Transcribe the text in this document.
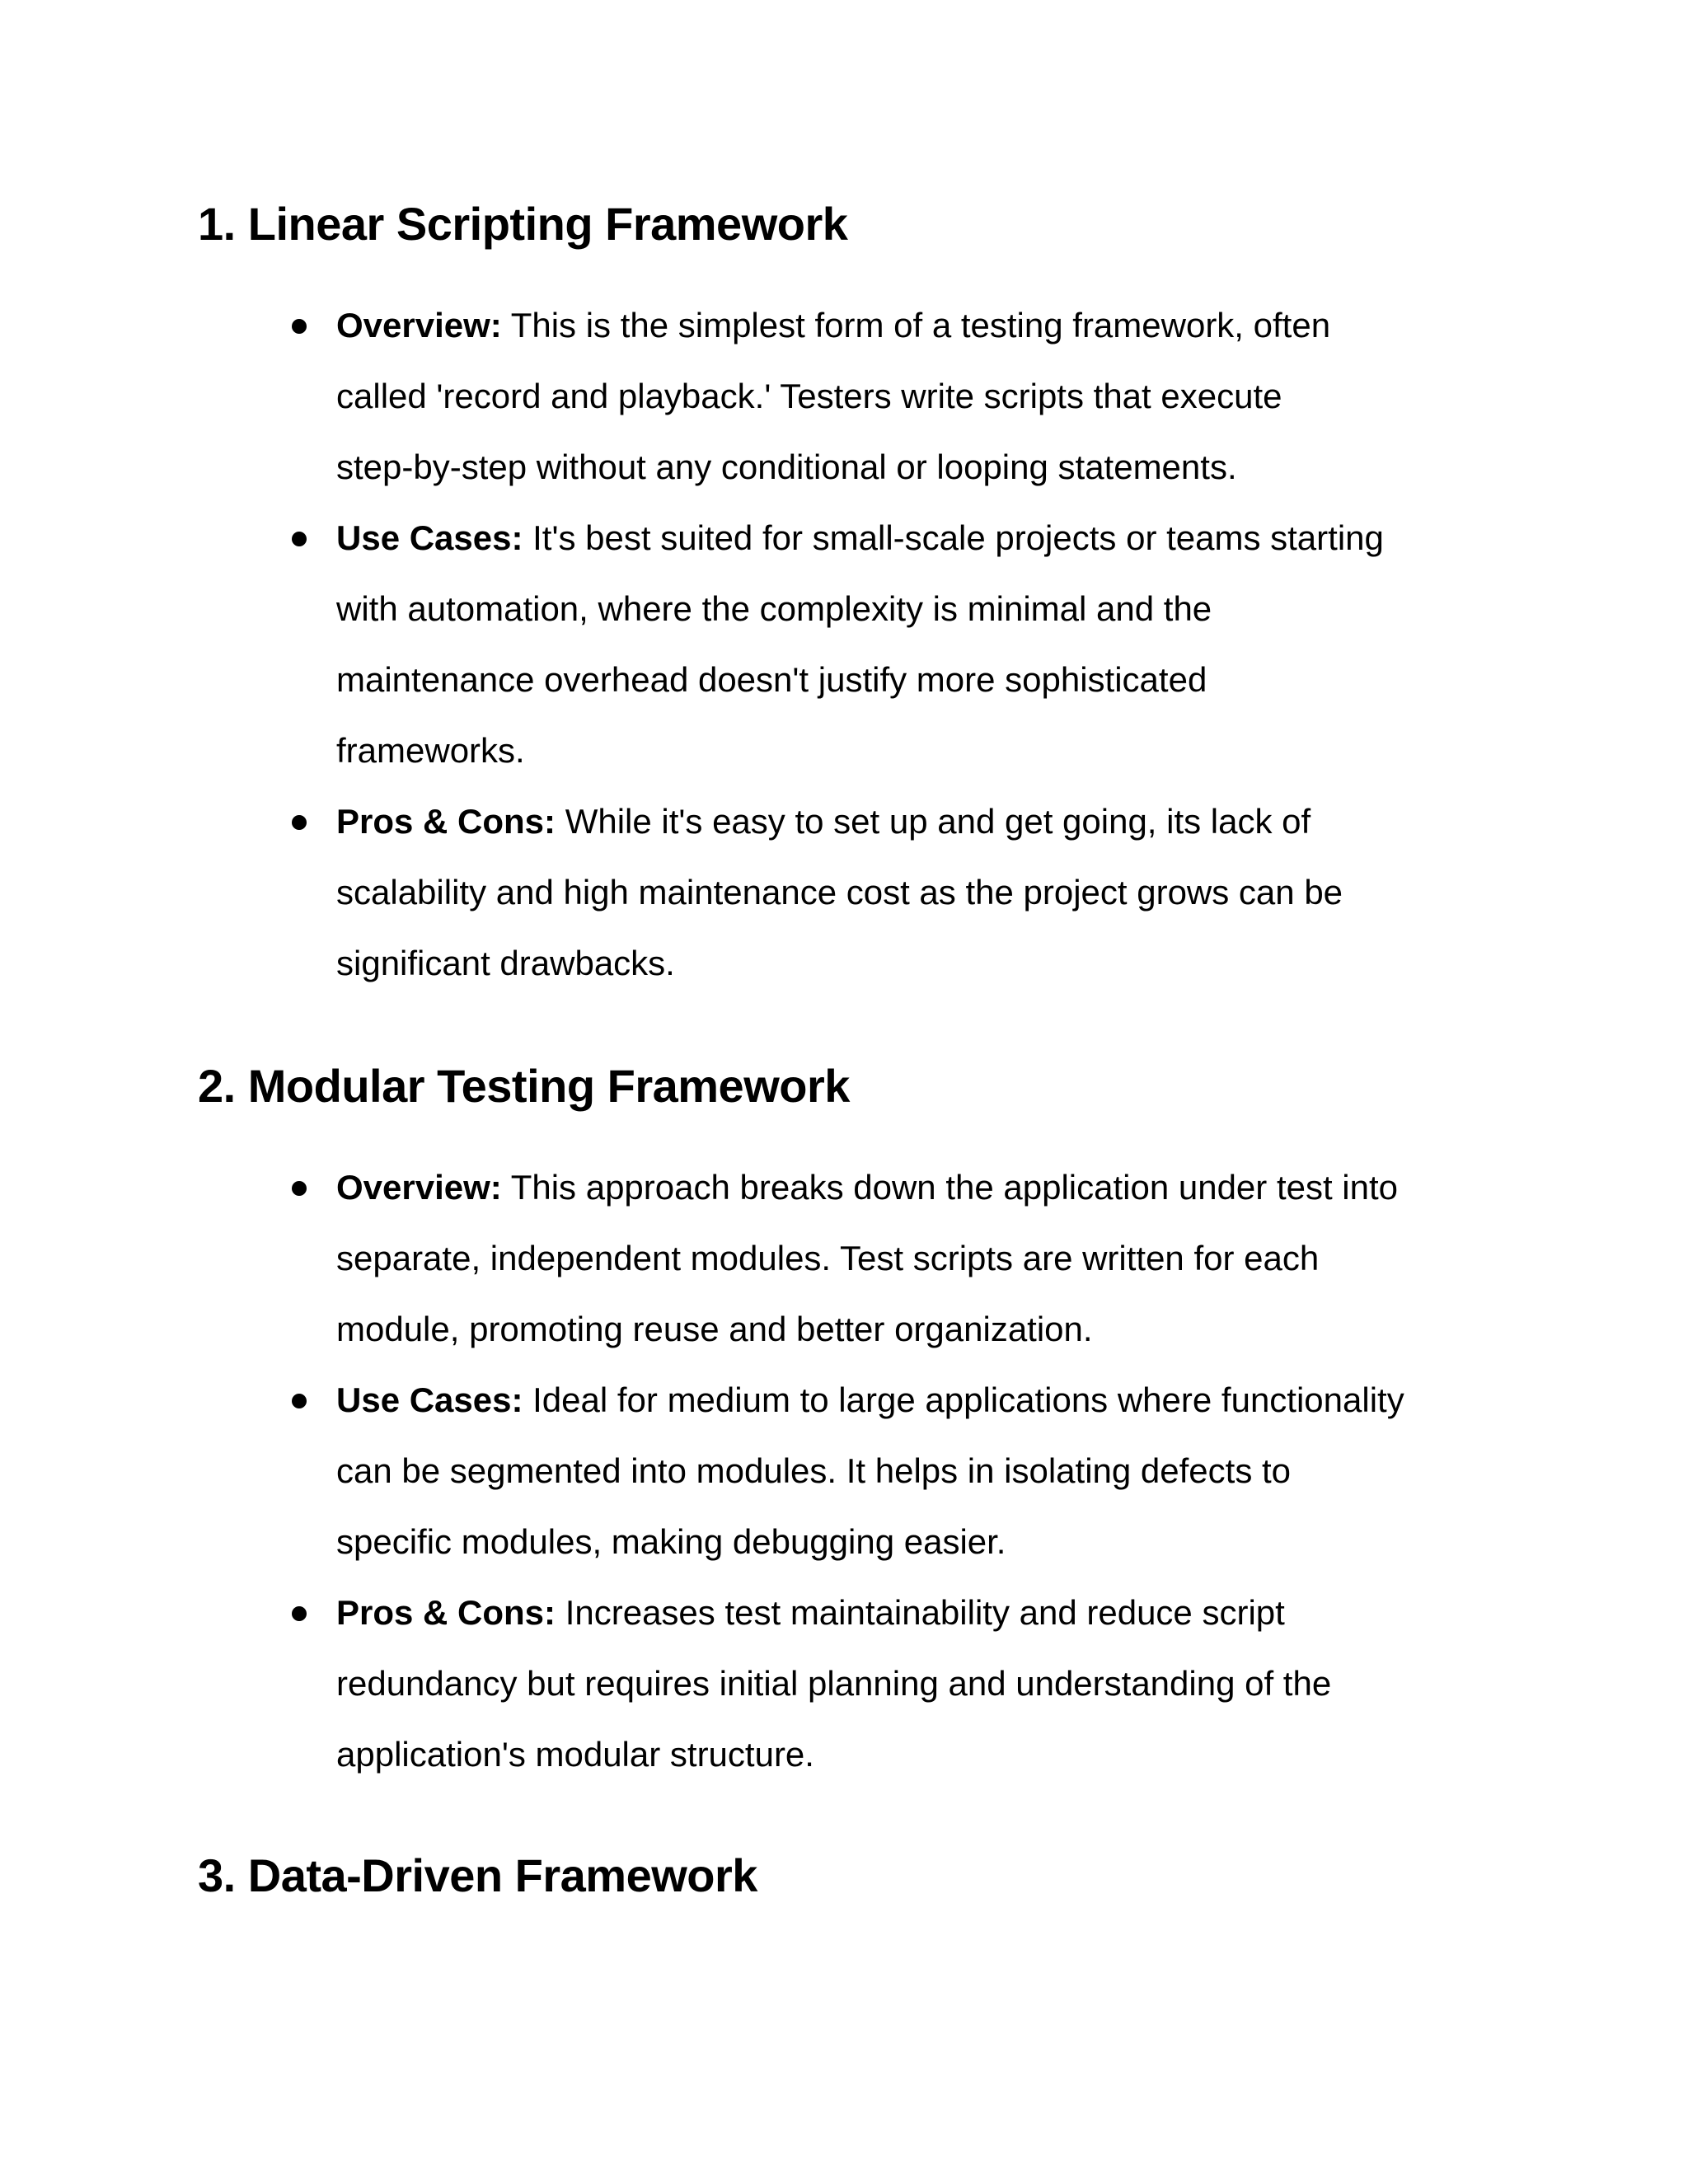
1. Linear Scripting Framework
Overview: This is the simplest form of a testing framework, often
called 'record and playback.' Testers write scripts that execute
step-by-step without any conditional or looping statements.
Use Cases: It's best suited for small-scale projects or teams starting
with automation, where the complexity is minimal and the
maintenance overhead doesn't justify more sophisticated
frameworks.
Pros & Cons: While it's easy to set up and get going, its lack of
scalability and high maintenance cost as the project grows can be
significant drawbacks.
2. Modular Testing Framework
Overview: This approach breaks down the application under test into
separate, independent modules. Test scripts are written for each
module, promoting reuse and better organization.
Use Cases: Ideal for medium to large applications where functionality
can be segmented into modules. It helps in isolating defects to
specific modules, making debugging easier.
Pros & Cons: Increases test maintainability and reduce script
redundancy but requires initial planning and understanding of the
application's modular structure.
3. Data-Driven Framework
